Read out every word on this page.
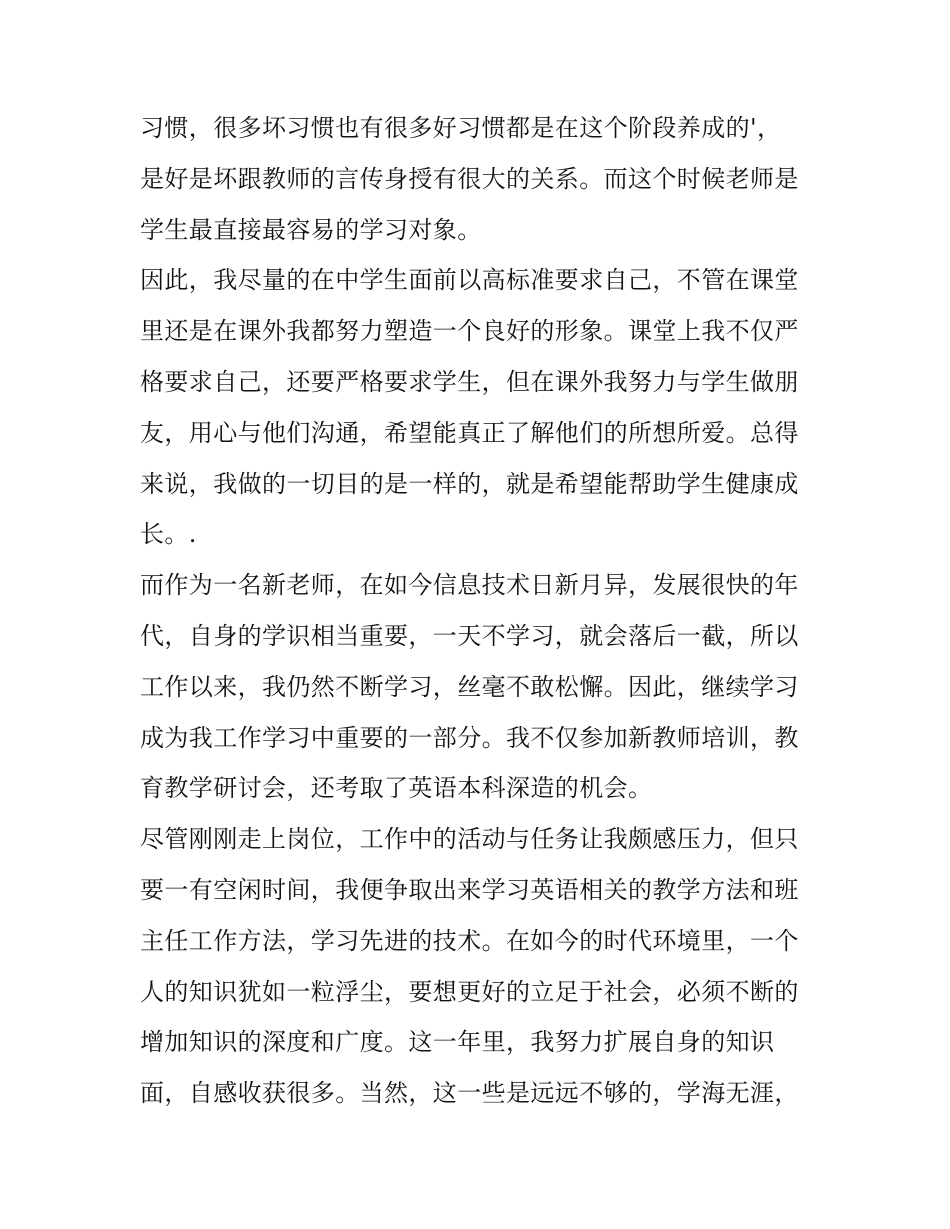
习惯，很多坏习惯也有很多好习惯都是在这个阶段养成的'，
是好是坏跟教师的言传身授有很大的关系。而这个时候老师是
学生最直接最容易的学习对象。
因此，我尽量的在中学生面前以高标准要求自己，不管在课堂
里还是在课外我都努力塑造一个良好的形象。课堂上我不仅严
格要求自己，还要严格要求学生，但在课外我努力与学生做朋
友，用心与他们沟通，希望能真正了解他们的所想所爱。总得
来说，我做的一切目的是一样的，就是希望能帮助学生健康成
长。.
而作为一名新老师，在如今信息技术日新月异，发展很快的年
代，自身的学识相当重要，一天不学习，就会落后一截，所以
工作以来，我仍然不断学习，丝毫不敢松懈。因此，继续学习
成为我工作学习中重要的一部分。我不仅参加新教师培训，教
育教学研讨会，还考取了英语本科深造的机会。
尽管刚刚走上岗位，工作中的活动与任务让我颇感压力，但只
要一有空闲时间，我便争取出来学习英语相关的教学方法和班
主任工作方法，学习先进的技术。在如今的时代环境里，一个
人的知识犹如一粒浮尘，要想更好的立足于社会，必须不断的
增加知识的深度和广度。这一年里，我努力扩展自身的知识
面，自感收获很多。当然，这一些是远远不够的，学海无涯，
